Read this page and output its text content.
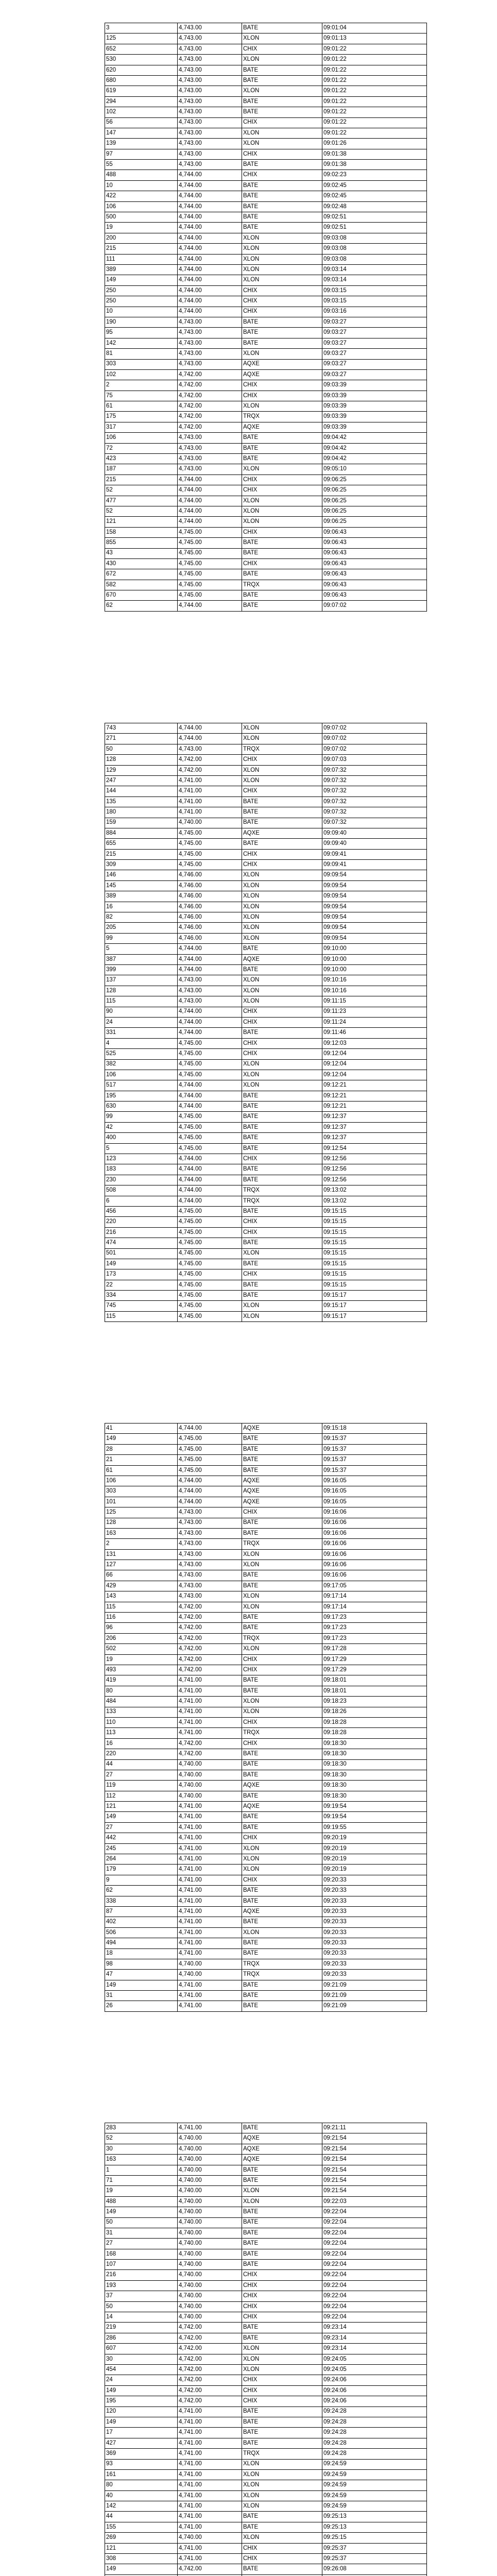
3	4,743.00	BATE	09:01:04
125	4,743.00	XLON	09:01:13
652	4,743.00	CHIX	09:01:22
530	4,743.00	XLON	09:01:22
620	4,743.00	BATE	09:01:22
680	4,743.00	BATE	09:01:22
619	4,743.00	XLON	09:01:22
294	4,743.00	BATE	09:01:22
102	4,743.00	BATE	09:01:22
56	4,743.00	CHIX	09:01:22
147	4,743.00	XLON	09:01:22
139	4,743.00	XLON	09:01:26
97	4,743.00	CHIX	09:01:38
55	4,743.00	BATE	09:01:38
488	4,744.00	CHIX	09:02:23
10	4,744.00	BATE	09:02:45
422	4,744.00	BATE	09:02:45
106	4,744.00	BATE	09:02:48
500	4,744.00	BATE	09:02:51
19	4,744.00	BATE	09:02:51
200	4,744.00	XLON	09:03:08
215	4,744.00	XLON	09:03:08
111	4,744.00	XLON	09:03:08
389	4,744.00	XLON	09:03:14
149	4,744.00	XLON	09:03:14
250	4,744.00	CHIX	09:03:15
250	4,744.00	CHIX	09:03:15
10	4,744.00	CHIX	09:03:16
190	4,743.00	BATE	09:03:27
95	4,743.00	BATE	09:03:27
142	4,743.00	BATE	09:03:27
81	4,743.00	XLON	09:03:27
303	4,743.00	AQXE	09:03:27
102	4,742.00	AQXE	09:03:27
2	4,742.00	CHIX	09:03:39
75	4,742.00	CHIX	09:03:39
61	4,742.00	XLON	09:03:39
175	4,742.00	TRQX	09:03:39
317	4,742.00	AQXE	09:03:39
106	4,743.00	BATE	09:04:42
72	4,743.00	BATE	09:04:42
423	4,743.00	BATE	09:04:42
187	4,743.00	XLON	09:05:10
215	4,744.00	CHIX	09:06:25
52	4,744.00	CHIX	09:06:25
477	4,744.00	XLON	09:06:25
52	4,744.00	XLON	09:06:25
121	4,744.00	XLON	09:06:25
158	4,745.00	CHIX	09:06:43
855	4,745.00	BATE	09:06:43
43	4,745.00	BATE	09:06:43
430	4,745.00	CHIX	09:06:43
672	4,745.00	BATE	09:06:43
582	4,745.00	TRQX	09:06:43
670	4,745.00	BATE	09:06:43
62	4,744.00	BATE	09:07:02
743	4,744.00	XLON	09:07:02
271	4,744.00	XLON	09:07:02
50	4,743.00	TRQX	09:07:02
128	4,742.00	CHIX	09:07:03
129	4,742.00	XLON	09:07:32
247	4,741.00	XLON	09:07:32
144	4,741.00	CHIX	09:07:32
135	4,741.00	BATE	09:07:32
180	4,741.00	BATE	09:07:32
159	4,740.00	BATE	09:07:32
884	4,745.00	AQXE	09:09:40
655	4,745.00	BATE	09:09:40
215	4,745.00	CHIX	09:09:41
309	4,745.00	CHIX	09:09:41
146	4,746.00	XLON	09:09:54
145	4,746.00	XLON	09:09:54
389	4,746.00	XLON	09:09:54
16	4,746.00	XLON	09:09:54
82	4,746.00	XLON	09:09:54
205	4,746.00	XLON	09:09:54
99	4,746.00	XLON	09:09:54
5	4,744.00	BATE	09:10:00
387	4,744.00	AQXE	09:10:00
399	4,744.00	BATE	09:10:00
137	4,743.00	XLON	09:10:16
128	4,743.00	XLON	09:10:16
115	4,743.00	XLON	09:11:15
90	4,744.00	CHIX	09:11:23
24	4,744.00	CHIX	09:11:24
331	4,744.00	BATE	09:11:46
4	4,745.00	CHIX	09:12:03
525	4,745.00	CHIX	09:12:04
382	4,745.00	XLON	09:12:04
106	4,745.00	XLON	09:12:04
517	4,744.00	XLON	09:12:21
195	4,744.00	BATE	09:12:21
630	4,744.00	BATE	09:12:21
99	4,745.00	BATE	09:12:37
42	4,745.00	BATE	09:12:37
400	4,745.00	BATE	09:12:37
5	4,745.00	BATE	09:12:54
123	4,744.00	CHIX	09:12:56
183	4,744.00	BATE	09:12:56
230	4,744.00	BATE	09:12:56
508	4,744.00	TRQX	09:13:02
6	4,744.00	TRQX	09:13:02
456	4,745.00	BATE	09:15:15
220	4,745.00	CHIX	09:15:15
216	4,745.00	CHIX	09:15:15
474	4,745.00	BATE	09:15:15
501	4,745.00	XLON	09:15:15
149	4,745.00	BATE	09:15:15
173	4,745.00	CHIX	09:15:15
22	4,745.00	BATE	09:15:15
334	4,745.00	BATE	09:15:17
745	4,745.00	XLON	09:15:17
115	4,745.00	XLON	09:15:17
41	4,744.00	AQXE	09:15:18
149	4,745.00	BATE	09:15:37
28	4,745.00	BATE	09:15:37
21	4,745.00	BATE	09:15:37
61	4,745.00	BATE	09:15:37
106	4,744.00	AQXE	09:16:05
303	4,744.00	AQXE	09:16:05
101	4,744.00	AQXE	09:16:05
125	4,743.00	CHIX	09:16:06
128	4,743.00	BATE	09:16:06
163	4,743.00	BATE	09:16:06
2	4,743.00	TRQX	09:16:06
131	4,743.00	XLON	09:16:06
127	4,743.00	XLON	09:16:06
66	4,743.00	BATE	09:16:06
429	4,743.00	BATE	09:17:05
143	4,743.00	XLON	09:17:14
115	4,742.00	XLON	09:17:14
116	4,742.00	BATE	09:17:23
96	4,742.00	BATE	09:17:23
206	4,742.00	TRQX	09:17:23
502	4,742.00	XLON	09:17:28
19	4,742.00	CHIX	09:17:29
493	4,742.00	CHIX	09:17:29
419	4,741.00	BATE	09:18:01
80	4,741.00	BATE	09:18:01
484	4,741.00	XLON	09:18:23
133	4,741.00	XLON	09:18:26
110	4,741.00	CHIX	09:18:28
113	4,741.00	TRQX	09:18:28
16	4,742.00	CHIX	09:18:30
220	4,742.00	BATE	09:18:30
44	4,740.00	BATE	09:18:30
27	4,740.00	BATE	09:18:30
119	4,740.00	AQXE	09:18:30
112	4,740.00	BATE	09:18:30
121	4,741.00	AQXE	09:19:54
149	4,741.00	BATE	09:19:54
27	4,741.00	BATE	09:19:55
442	4,741.00	CHIX	09:20:19
245	4,741.00	XLON	09:20:19
264	4,741.00	XLON	09:20:19
179	4,741.00	XLON	09:20:19
9	4,741.00	CHIX	09:20:33
62	4,741.00	BATE	09:20:33
338	4,741.00	BATE	09:20:33
87	4,741.00	AQXE	09:20:33
402	4,741.00	BATE	09:20:33
506	4,741.00	XLON	09:20:33
494	4,741.00	BATE	09:20:33
18	4,741.00	BATE	09:20:33
98	4,740.00	TRQX	09:20:33
47	4,740.00	TRQX	09:20:33
149	4,741.00	BATE	09:21:09
31	4,741.00	BATE	09:21:09
26	4,741.00	BATE	09:21:09
283	4,741.00	BATE	09:21:11
52	4,740.00	AQXE	09:21:54
30	4,740.00	AQXE	09:21:54
163	4,740.00	AQXE	09:21:54
1	4,740.00	BATE	09:21:54
71	4,740.00	BATE	09:21:54
19	4,740.00	XLON	09:21:54
488	4,740.00	XLON	09:22:03
149	4,740.00	BATE	09:22:04
50	4,740.00	BATE	09:22:04
31	4,740.00	BATE	09:22:04
27	4,740.00	BATE	09:22:04
168	4,740.00	BATE	09:22:04
107	4,740.00	BATE	09:22:04
216	4,740.00	CHIX	09:22:04
193	4,740.00	CHIX	09:22:04
37	4,740.00	CHIX	09:22:04
50	4,740.00	CHIX	09:22:04
14	4,740.00	CHIX	09:22:04
219	4,742.00	BATE	09:23:14
286	4,742.00	BATE	09:23:14
607	4,742.00	XLON	09:23:14
30	4,742.00	XLON	09:24:05
454	4,742.00	XLON	09:24:05
24	4,742.00	CHIX	09:24:06
149	4,742.00	CHIX	09:24:06
195	4,742.00	CHIX	09:24:06
120	4,741.00	BATE	09:24:28
149	4,741.00	BATE	09:24:28
17	4,741.00	BATE	09:24:28
427	4,741.00	BATE	09:24:28
369	4,741.00	TRQX	09:24:28
93	4,741.00	XLON	09:24:59
161	4,741.00	XLON	09:24:59
80	4,741.00	XLON	09:24:59
40	4,741.00	XLON	09:24:59
142	4,741.00	XLON	09:24:59
44	4,741.00	BATE	09:25:13
155	4,741.00	BATE	09:25:13
269	4,740.00	XLON	09:25:15
121	4,741.00	CHIX	09:25:37
308	4,741.00	CHIX	09:25:37
149	4,742.00	BATE	09:26:08
